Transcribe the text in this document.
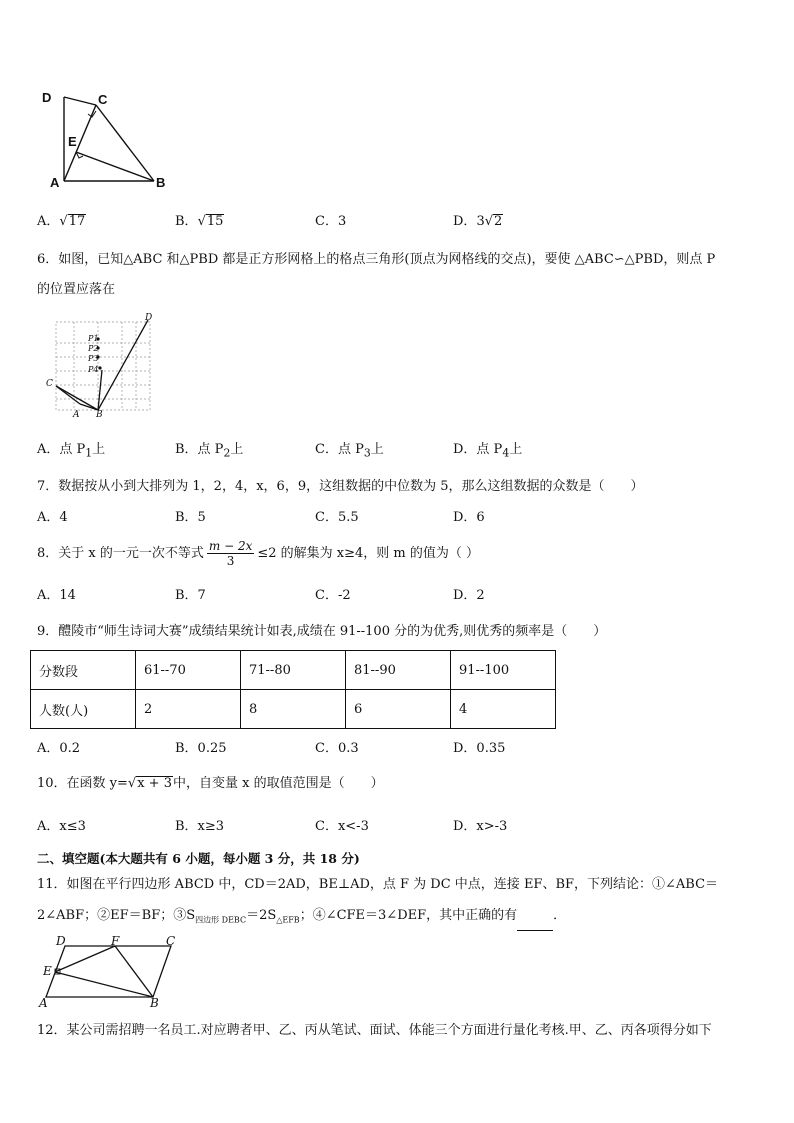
D	C
E
A	B
A．√17	B．√15	C．3	D．3√2
6．如图，已知△ABC 和△PBD 都是正方形网格上的格点三角形(顶点为网格线的交点)，要使 △ABC∽△PBD，则点 P
的位置应落在
D
P1
P2
P3
P4
C
A B
A．点 $P_1$上	B．点 $P_2$上	C．点 $P_3$上	D．点 $P_4$上
7．数据按从小到大排列为 1，2，4，x，6，9，这组数据的中位数为 5，那么这组数据的众数是（　　）
A．4	B．5	C．5.5	D．6
8．关于 x 的一元一次不等式 $\frac{m - 2x}{3} \le 2$ 的解集为 x≥4，则 m 的值为（ ）
A．14	B．7	C．-2	D．2
9．醴陵市“师生诗词大赛”成绩结果统计如表,成绩在 91--100 分的为优秀,则优秀的频率是（　　）
分数段	61--70	71--80	81--90	91--100
人数(人)	2	8	6	4
A．0.2	B．0.25	C．0.3	D．0.35
10．在函数 y=√x + 3中，自变量 x 的取值范围是（　　）
A．x≤3	B．x≥3	C．x<-3	D．x>-3
二、填空题(本大题共有 6 小题，每小题 3 分，共 18 分)
11．如图在平行四边形 ABCD 中，CD＝2AD，BE⊥AD，点 F 为 DC 中点，连接 EF、BF，下列结论：①∠ABC＝
2∠ABF；②EF＝BF；$③S_{四边形 DEBC}=2S_{\triangle EFB}$；④∠CFE＝3∠DEF，其中正确的有	．
D	F	C
E
A	B
12．某公司需招聘一名员工.对应聘者甲、乙、丙从笔试、面试、体能三个方面进行量化考核.甲、乙、丙各项得分如下
